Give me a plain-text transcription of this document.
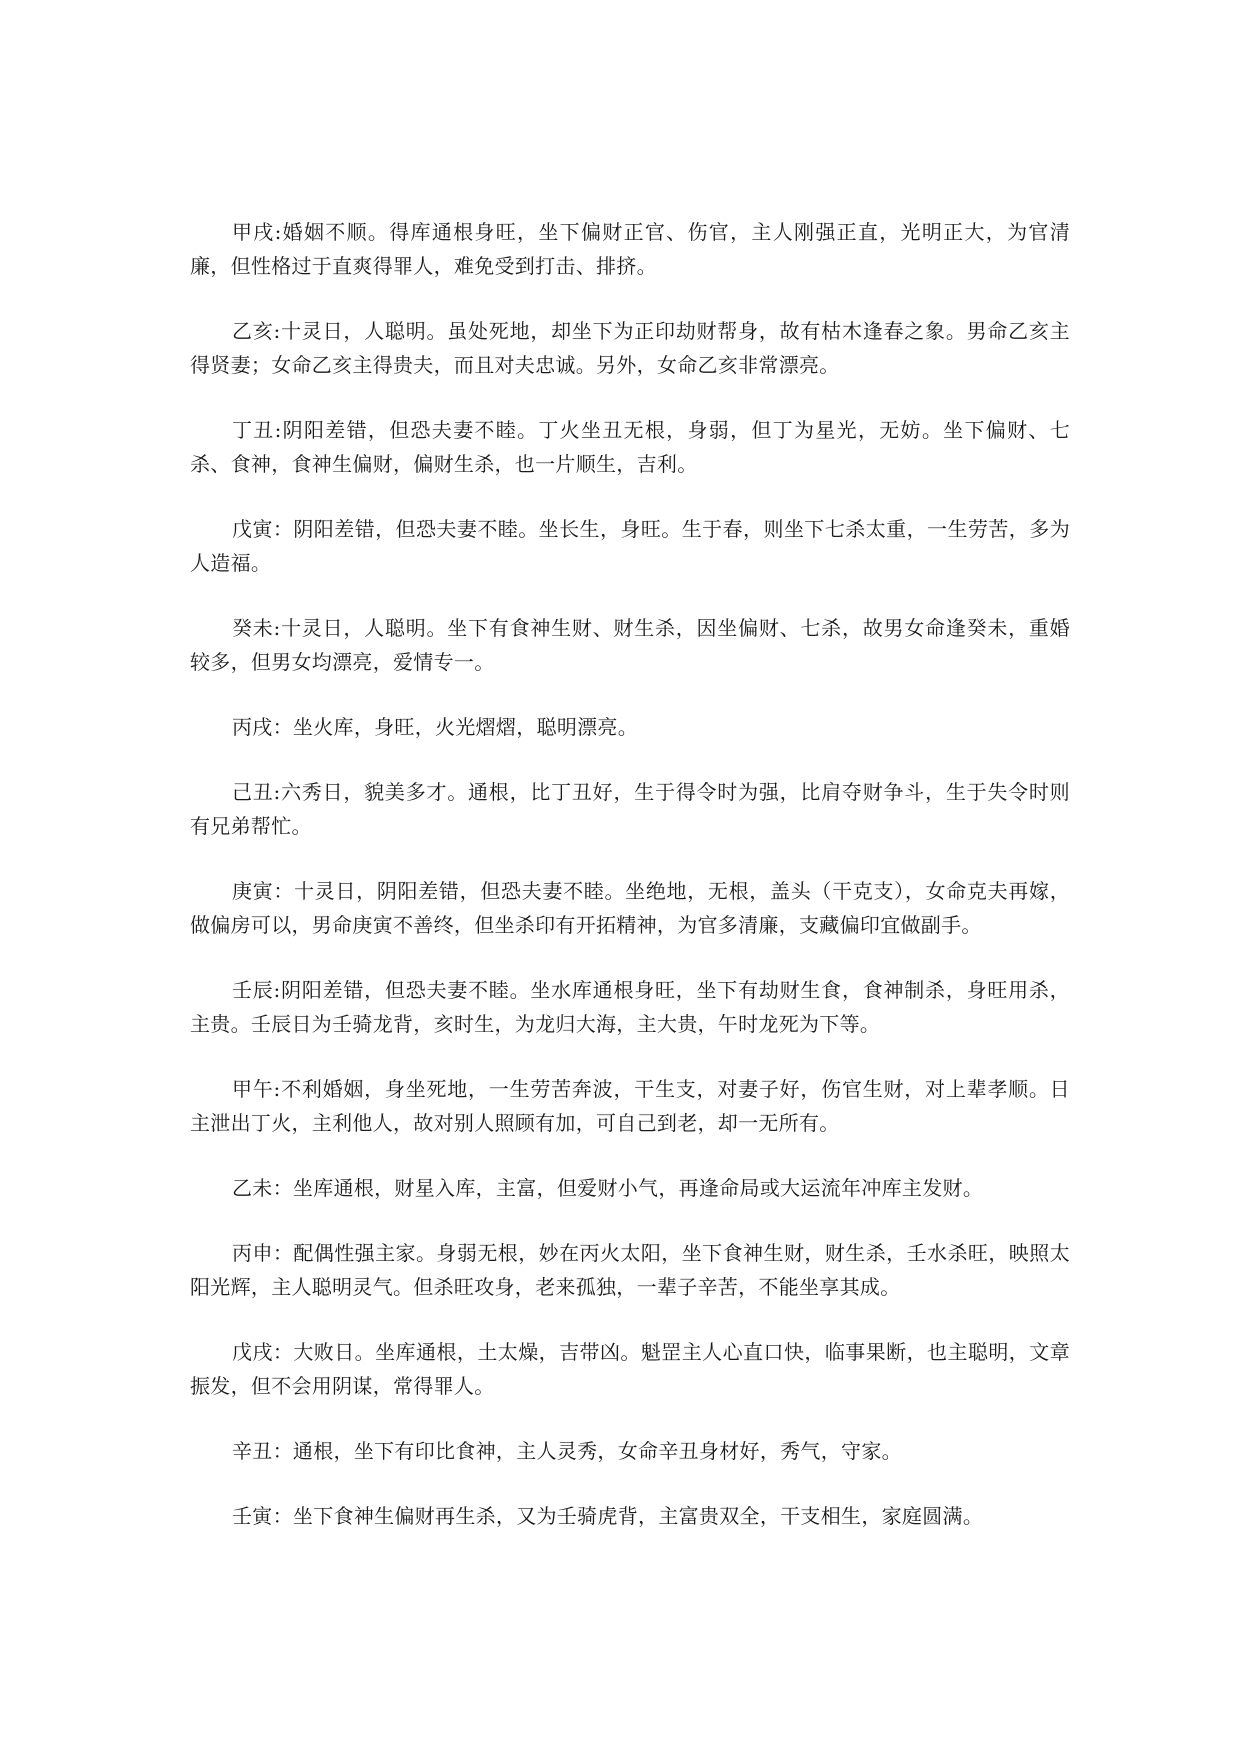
甲戌:婚姻不顺。得库通根身旺，坐下偏财正官、伤官，主人刚强正直，光明正大，为官清廉，但性格过于直爽得罪人，难免受到打击、排挤。

乙亥:十灵日，人聪明。虽处死地，却坐下为正印劫财帮身，故有枯木逢春之象。男命乙亥主得贤妻；女命乙亥主得贵夫，而且对夫忠诚。另外，女命乙亥非常漂亮。

丁丑:阴阳差错，但恐夫妻不睦。丁火坐丑无根，身弱，但丁为星光，无妨。坐下偏财、七杀、食神，食神生偏财，偏财生杀，也一片顺生，吉利。

戊寅：阴阳差错，但恐夫妻不睦。坐长生，身旺。生于春，则坐下七杀太重，一生劳苦，多为人造福。

癸未:十灵日，人聪明。坐下有食神生财、财生杀，因坐偏财、七杀，故男女命逢癸未，重婚较多，但男女均漂亮，爱情专一。

丙戌：坐火库，身旺，火光熠熠，聪明漂亮。

己丑:六秀日，貌美多才。通根，比丁丑好，生于得令时为强，比肩夺财争斗，生于失令时则有兄弟帮忙。

庚寅：十灵日，阴阳差错，但恐夫妻不睦。坐绝地，无根，盖头（干克支），女命克夫再嫁，做偏房可以，男命庚寅不善终，但坐杀印有开拓精神，为官多清廉，支藏偏印宜做副手。

壬辰:阴阳差错，但恐夫妻不睦。坐水库通根身旺，坐下有劫财生食，食神制杀，身旺用杀，主贵。壬辰日为壬骑龙背，亥时生，为龙归大海，主大贵，午时龙死为下等。

甲午:不利婚姻，身坐死地，一生劳苦奔波，干生支，对妻子好，伤官生财，对上辈孝顺。日主泄出丁火，主利他人，故对别人照顾有加，可自己到老，却一无所有。

乙未：坐库通根，财星入库，主富，但爱财小气，再逢命局或大运流年冲库主发财。

丙申：配偶性强主家。身弱无根，妙在丙火太阳，坐下食神生财，财生杀，壬水杀旺，映照太阳光辉，主人聪明灵气。但杀旺攻身，老来孤独，一辈子辛苦，不能坐享其成。

戊戌：大败日。坐库通根，土太燥，吉带凶。魁罡主人心直口快，临事果断，也主聪明，文章振发，但不会用阴谋，常得罪人。

辛丑：通根，坐下有印比食神，主人灵秀，女命辛丑身材好，秀气，守家。

壬寅：坐下食神生偏财再生杀，又为壬骑虎背，主富贵双全，干支相生，家庭圆满。
